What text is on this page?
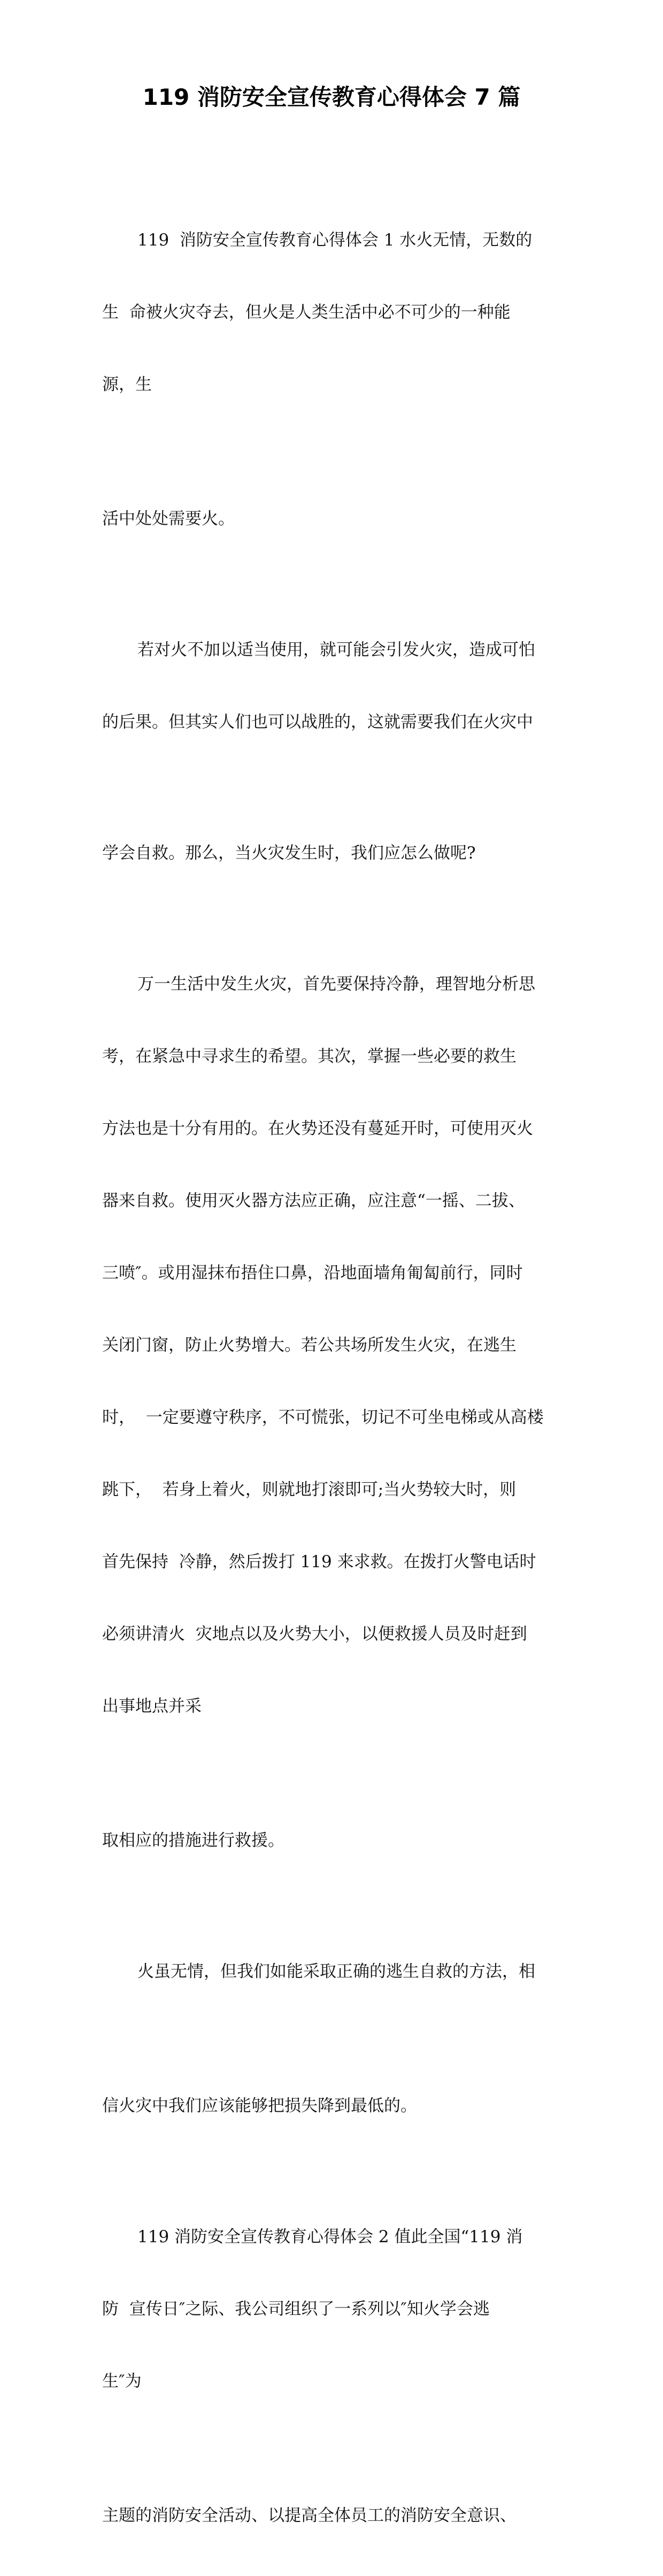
119 消防安全宣传教育心得体会 7 篇

119  消防安全宣传教育心得体会 1 水火无情，无数的

生  命被火灾夺去，但火是人类生活中必不可少的一种能

源，生

活中处处需要火。

若对火不加以适当使用，就可能会引发火灾，造成可怕

的后果。但其实人们也可以战胜的，这就需要我们在火灾中

学会自救。那么，当火灾发生时，我们应怎么做呢?

万一生活中发生火灾，首先要保持冷静，理智地分析思

考，在紧急中寻求生的希望。其次，掌握一些必要的救生

方法也是十分有用的。在火势还没有蔓延开时，可使用灭火

器来自救。使用灭火器方法应正确，应注意“一摇、二拔、

三喷″。或用湿抹布捂住口鼻，沿地面墙角匍匐前行，同时

关闭门窗，防止火势增大。若公共场所发生火灾，在逃生

时，  一定要遵守秩序，不可慌张，切记不可坐电梯或从高楼

跳下，  若身上着火，则就地打滚即可;当火势较大时，则

首先保持  冷静，然后拨打 119 来求救。在拨打火警电话时

必须讲清火  灾地点以及火势大小，以便救援人员及时赶到

出事地点并采

取相应的措施进行救援。

火虽无情，但我们如能采取正确的逃生自救的方法，相

信火灾中我们应该能够把损失降到最低的。

119 消防安全宣传教育心得体会 2 值此全国“119 消

防  宣传日″之际、我公司组织了一系列以″知火学会逃

生″为

主题的消防安全活动、以提高全体员工的消防安全意识、
